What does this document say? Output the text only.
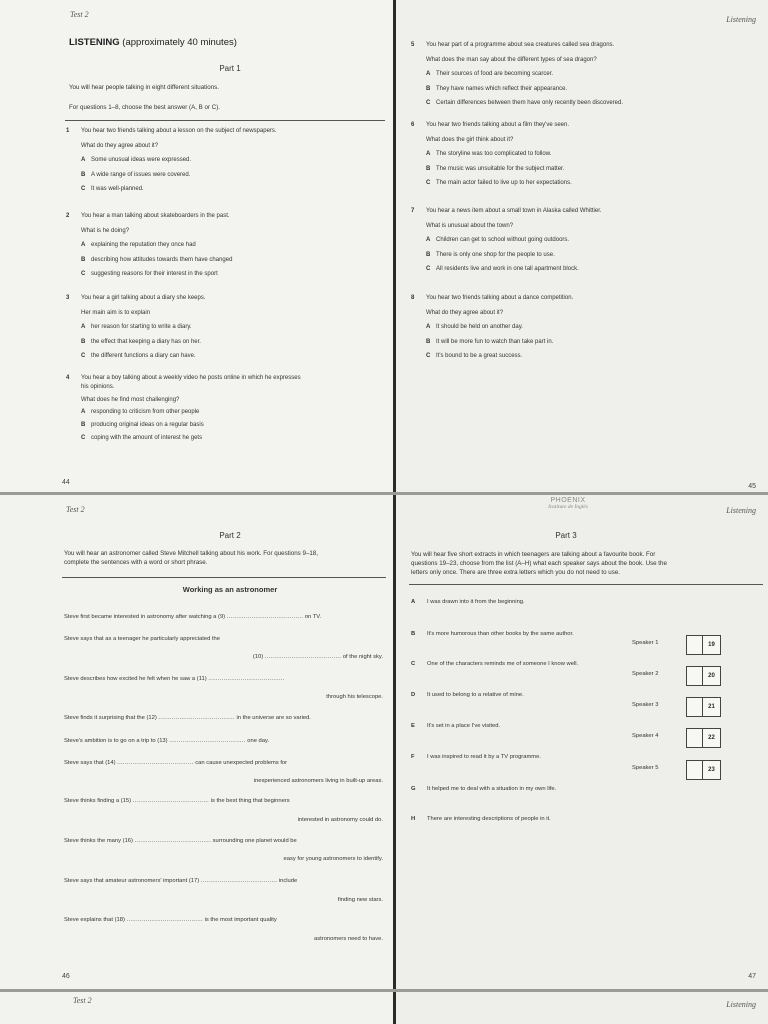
Test 2
LISTENING (approximately 40 minutes)
Part 1
You will hear people talking in eight different situations.
For questions 1–8, choose the best answer (A, B or C).
1 You hear two friends talking about a lesson on the subject of newspapers.
What do they agree about it?
A Some unusual ideas were expressed.
B A wide range of issues were covered.
C It was well-planned.
2 You hear a man talking about skateboarders in the past.
What is he doing?
A explaining the reputation they once had
B describing how attitudes towards them have changed
C suggesting reasons for their interest in the sport
3 You hear a girl talking about a diary she keeps.
Her main aim is to explain
A her reason for starting to write a diary.
B the effect that keeping a diary has on her.
C the different functions a diary can have.
4 You hear a boy talking about a weekly video he posts online in which he expresses
his opinions.
What does he find most challenging?
A responding to criticism from other people
B producing original ideas on a regular basis
C coping with the amount of interest he gets
44
Listening
5 You hear part of a programme about sea creatures called sea dragons.
What does the man say about the different types of sea dragon?
A Their sources of food are becoming scarcer.
B They have names which reflect their appearance.
C Certain differences between them have only recently been discovered.
6 You hear two friends talking about a film they've seen.
What does the girl think about it?
A The storyline was too complicated to follow.
B The music was unsuitable for the subject matter.
C The main actor failed to live up to her expectations.
7 You hear a news item about a small town in Alaska called Whittier.
What is unusual about the town?
A Children can get to school without going outdoors.
B There is only one shop for the people to use.
C All residents live and work in one tall apartment block.
8 You hear two friends talking about a dance competition.
What do they agree about it?
A It should be held on another day.
B It will be more fun to watch than take part in.
C It's bound to be a great success.
45
Test 2
Part 2
You will hear an astronomer called Steve Mitchell talking about his work. For questions 9–18,
complete the sentences with a word or short phrase.
Working as an astronomer
Steve first became interested in astronomy after watching a (9) ........................................ on TV.
Steve says that as a teenager he particularly appreciated the
(10) ........................................ of the night sky.
Steve describes how excited he felt when he saw a (11) ........................................
through his telescope.
Steve finds it surprising that the (12) ........................................ in the universe are so varied.
Steve's ambition is to go on a trip to (13) ........................................ one day.
Steve says that (14) ........................................ can cause unexpected problems for
inexperienced astronomers living in built-up areas.
Steve thinks finding a (15) ........................................ is the best thing that beginners
interested in astronomy could do.
Steve thinks the many (16) ........................................ surrounding one planet would be
easy for young astronomers to identify.
Steve says that amateur astronomers' important (17) ........................................ include
finding new stars.
Steve explains that (18) ........................................ is the most important quality
astronomers need to have.
46
PHOENIX
Instituto de Inglés	Listening
Part 3
You will hear five short extracts in which teenagers are talking about a favourite book. For
questions 19–23, choose from the list (A–H) what each speaker says about the book. Use the
letters only once. There are three extra letters which you do not need to use.
A I was drawn into it from the beginning.
B It's more humorous than other books by the same author.
C One of the characters reminds me of someone I know well.
D It used to belong to a relative of mine.
E It's set in a place I've visited.
F I was inspired to read it by a TV programme.
G It helped me to deal with a situation in my own life.
H There are interesting descriptions of people in it.
Speaker 1	19
Speaker 2	20
Speaker 3	21
Speaker 4	22
Speaker 5	23
47
Test 2	Listening
